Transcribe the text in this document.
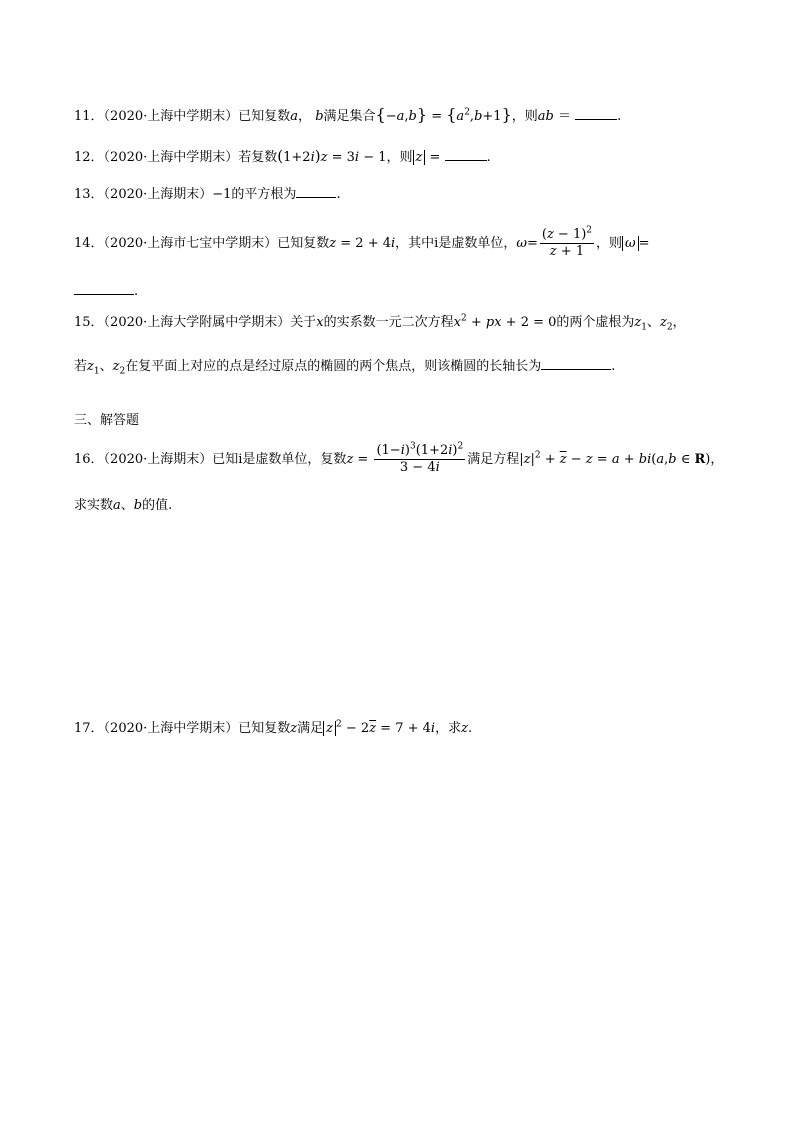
11．（2020·上海中学期末）已知复数a， b满足集合$\{-a,b\} = \{a^2,b+1\}$，则ab ＝	.
12．（2020·上海中学期末）若复数(1+2i)z = 3i − 1，则 z =	.
13．（2020·上海期末）−1的平方根为	.
14．（2020·上海市七宝中学期末）已知复数z = 2 + 4i，其中i是虚数单位，$\omega= \frac{(z - 1)^2}{\overline{z} + 1}$ ，则 ω =
.
15．（2020·上海大学附属中学期末）关于x的实系数一元二次方程$x^2$ + px + 2 = 0的两个虚根为$z_1$、$z_2$，
若$z_1$、$z_2$在复平面上对应的点是经过原点的椭圆的两个焦点，则该椭圆的长轴长为	.
三、解答题
16．（2020·上海期末）已知i是虚数单位，复数$z = \frac{(1-i)^3(1+2i)^2}{3 - 4i}$ 满足方程$|z|^2 + \overline{z} - z = a + bi(a,b$ ∈ R)，
求实数a、b的值.
17．（2020·上海中学期末）已知复数z满足 z $^2 - 2\overline{z} = 7 + 4i$，求z.
